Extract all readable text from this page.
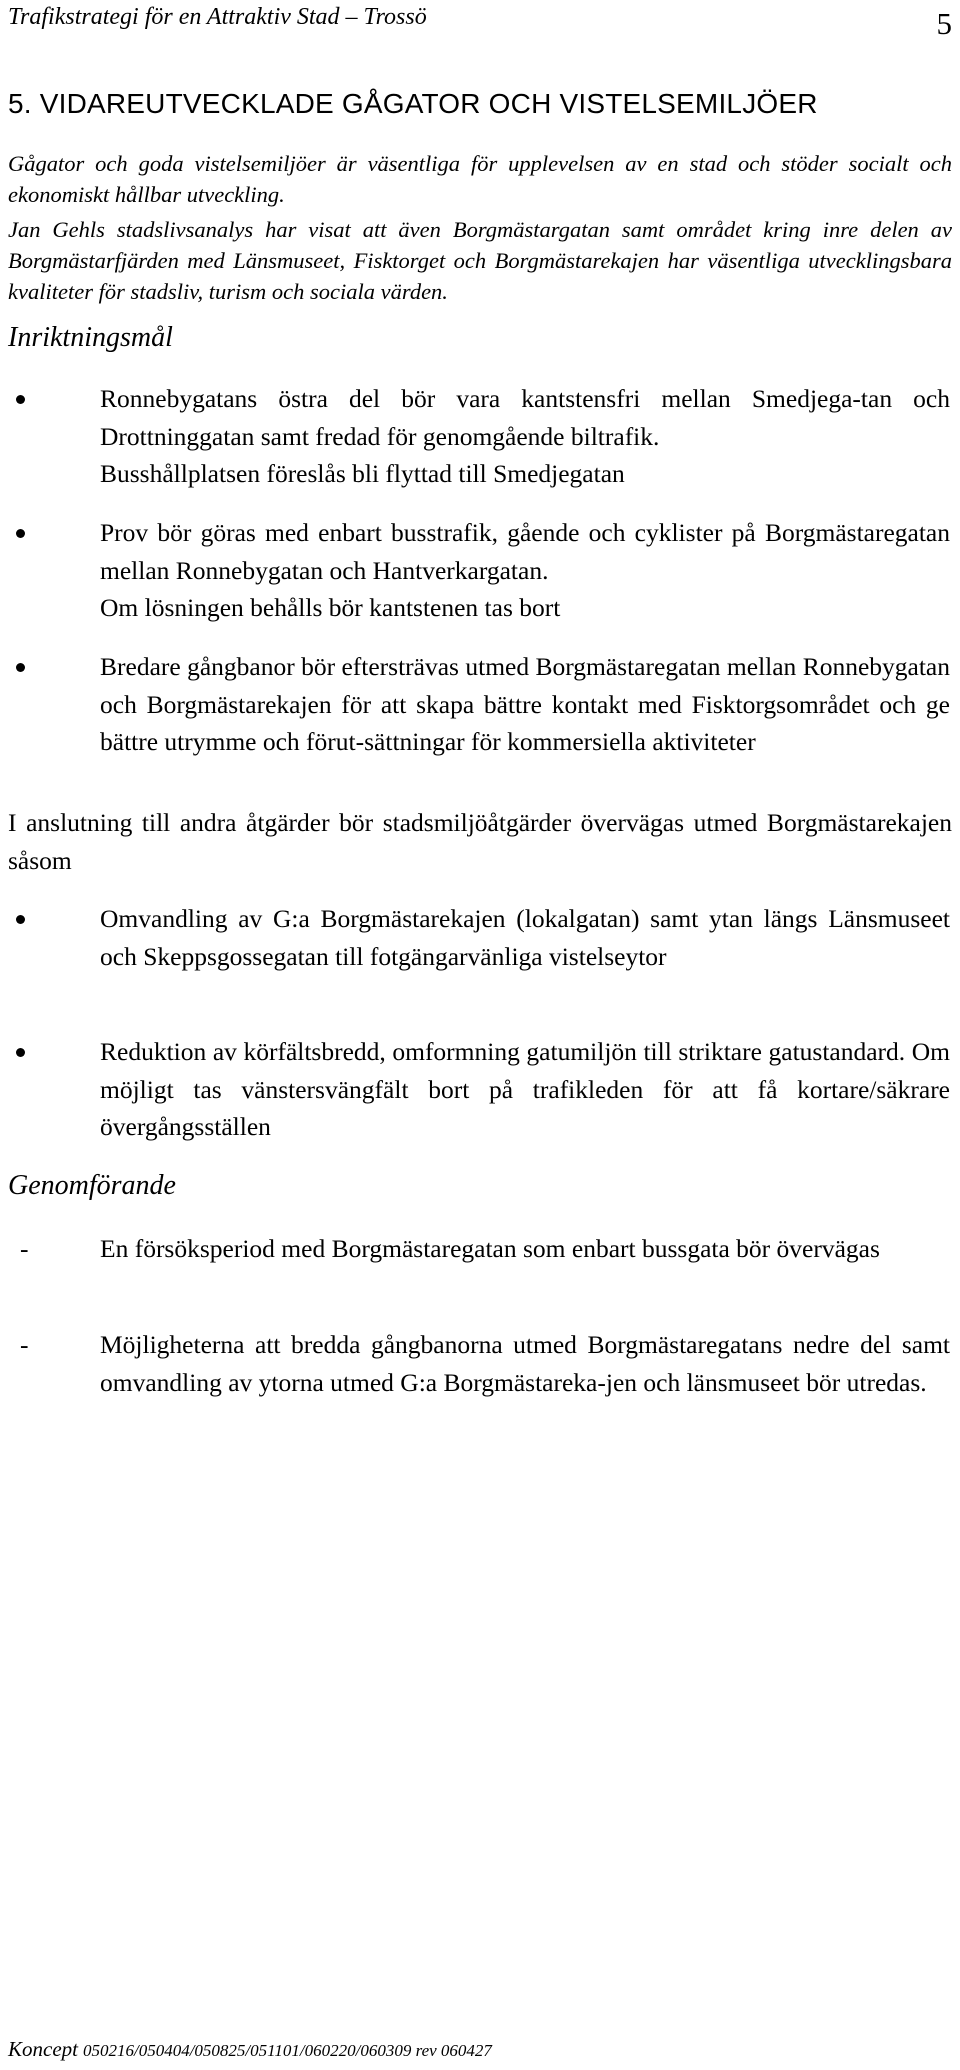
Trafikstrategi för en Attraktiv Stad – Trossö	5
5. VIDAREUTVECKLADE GÅGATOR OCH VISTELSEMILJÖER

Gågator och goda vistelsemiljöer är väsentliga för upplevelsen av en stad och stöder socialt och ekonomiskt hållbar utveckling.

Jan Gehls stadslivsanalys har visat att även Borgmästargatan samt området kring inre delen av Borgmästarfjärden med Länsmuseet, Fisktorget och Borgmästarekajen har väsentliga utvecklingsbara kvaliteter för stadsliv, turism och sociala värden.

Inriktningsmål

Ronnebygatans östra del bör vara kantstensfri mellan Smedjega-tan och Drottninggatan samt fredad för genomgående biltrafik.
Busshållplatsen föreslås bli flyttad till Smedjegatan

Prov bör göras med enbart busstrafik, gående och cyklister på Borgmästaregatan mellan Ronnebygatan och Hantverkargatan.
Om lösningen behålls bör kantstenen tas bort

Bredare gångbanor bör eftersträvas utmed Borgmästaregatan mellan Ronnebygatan och Borgmästarekajen för att skapa bättre kontakt med Fisktorgsområdet och ge bättre utrymme och förut-sättningar för kommersiella aktiviteter

I anslutning till andra åtgärder bör stadsmiljöåtgärder övervägas utmed Borgmästarekajen såsom

Omvandling av G:a Borgmästarekajen (lokalgatan) samt ytan längs Länsmuseet och Skeppsgossegatan till fotgängarvänliga vistelseytor

Reduktion av körfältsbredd, omformning gatumiljön till striktare gatustandard. Om möjligt tas vänstersvängfält bort på trafikleden för att få kortare/säkrare övergångsställen

Genomförande
-	En försöksperiod med Borgmästaregatan som enbart bussgata bör övervägas

-	Möjligheterna att bredda gångbanorna utmed Borgmästaregatans nedre del samt omvandling av ytorna utmed G:a Borgmästareka-jen och länsmuseet bör utredas.

Koncept 050216/050404/050825/051101/060220/060309 rev 060427
